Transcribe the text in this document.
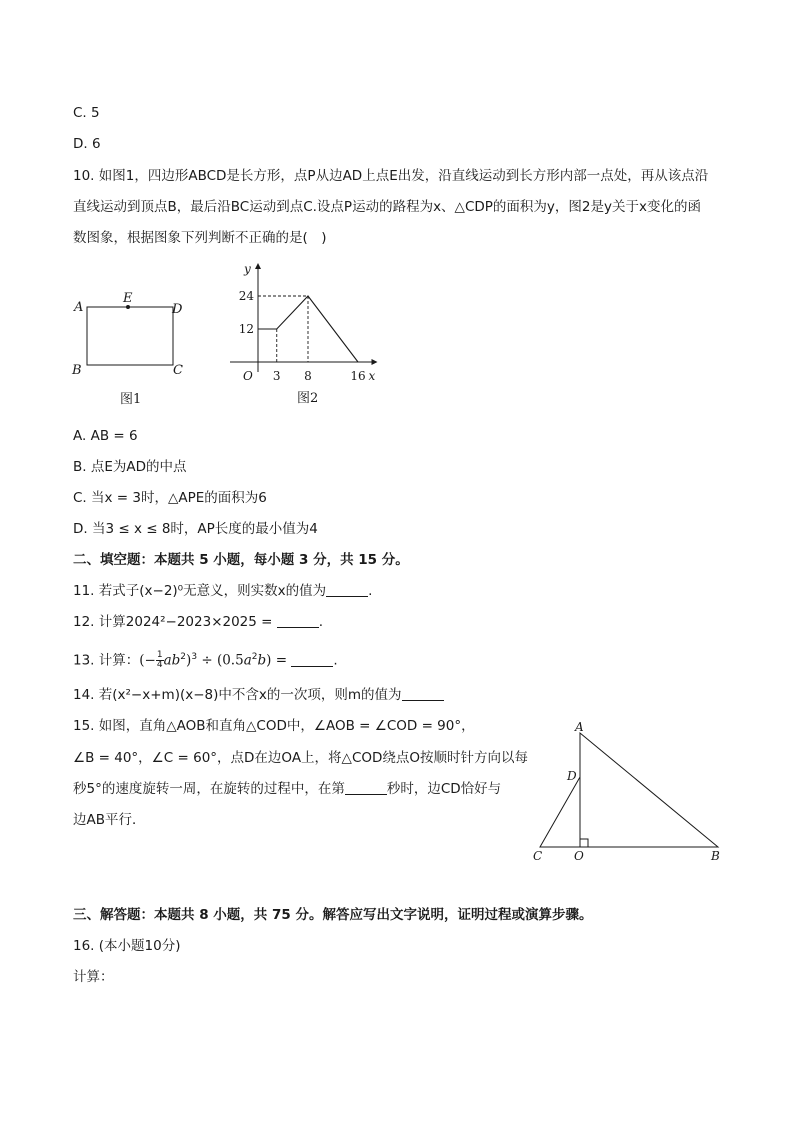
C. 5
D. 6
10. 如图1，四边形ABCD是长方形，点P从边AD上点E出发，沿直线运动到长方形内部一点处，再从该点沿
直线运动到顶点B，最后沿BC运动到点C.设点P运动的路程为x、△CDP的面积为y，图2是y关于x变化的函
数图象，根据图象下列判断不正确的是(　)
A
E
D
B	C
图1
24
12
3 8	16
y
x
O
图2
A. AB = 6
B. 点E为AD的中点
C. 当x = 3时，△APE的面积为6
D. 当3 ≤ x ≤ 8时，AP长度的最小值为4
二、填空题：本题共 5 小题，每小题 3 分，共 15 分。
11. 若式子(x−2)⁰无意义，则实数x的值为	.
12. 计算2024²−2023×2025 =	.
13. 计算：(− $\frac{1}{4} ab^2)^3 \div (0.5a^2b)$ =	.
14. 若(x²−x+m)(x−8)中不含x的一次项，则m的值为
15. 如图，直角△AOB和直角△COD中，∠AOB = ∠COD = 90°，
∠B = 40°，∠C = 60°，点D在边OA上，将△COD绕点O按顺时针方向以每
秒5°的速度旋转一周，在旋转的过程中，在第	秒时，边CD恰好与
边AB平行．
A
D
C	O	B
三、解答题：本题共 8 小题，共 75 分。解答应写出文字说明，证明过程或演算步骤。
16. (本小题10分)
计算：
